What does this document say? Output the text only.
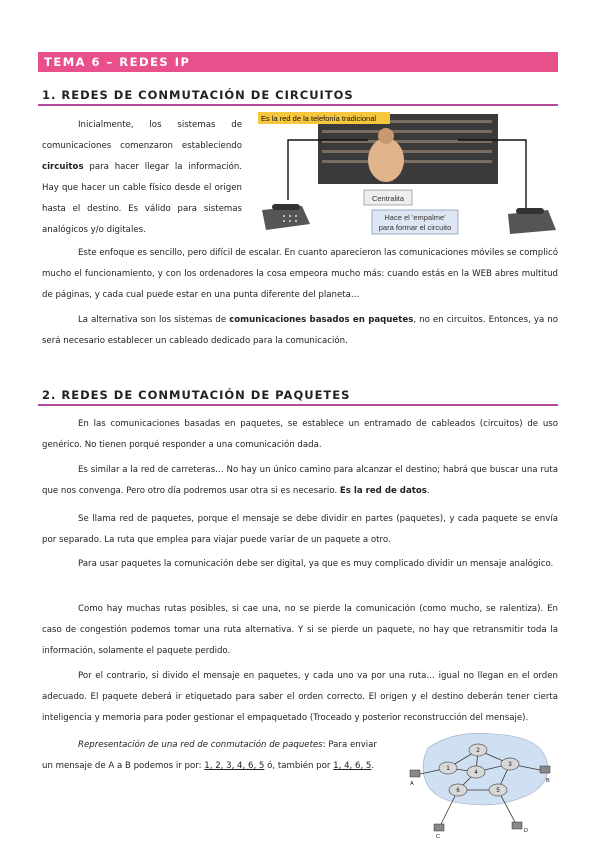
TEMA 6 – REDES IP
1. REDES DE CONMUTACIÓN DE CIRCUITOS
Inicialmente, los sistemas de comunicaciones comenzaron estableciendo circuitos para hacer llegar la información. Hay que hacer un cable físico desde el origen hasta el destino. Es válido para sistemas analógicos y/o digitales.
Es la red de la telefonía tradicional
Centralita
Hace el 'empalme'
para formar el circuito
Este enfoque es sencillo, pero difícil de escalar. En cuanto aparecieron las comunicaciones móviles se complicó mucho el funcionamiento, y con los ordenadores la cosa empeora mucho más: cuando estás en la WEB abres multitud de páginas, y cada cual puede estar en una punta diferente del planeta…
La alternativa son los sistemas de comunicaciones basados en paquetes, no en circuitos. Entonces, ya no será necesario establecer un cableado dedicado para la comunicación.
2. REDES DE CONMUTACIÓN DE PAQUETES
En las comunicaciones basadas en paquetes, se establece un entramado de cableados (circuitos) de uso genérico. No tienen porqué responder a una comunicación dada.
Es similar a la red de carreteras… No hay un único camino para alcanzar el destino; habrá que buscar una ruta que nos convenga. Pero otro día podremos usar otra si es necesario. Es la red de datos.
Se llama red de paquetes, porque el mensaje se debe dividir en partes (paquetes), y cada paquete se envía por separado. La ruta que emplea para viajar puede variar de un paquete a otro.
Para usar paquetes la comunicación debe ser digital, ya que es muy complicado dividir un mensaje analógico.
Como hay muchas rutas posibles, si cae una, no se pierde la comunicación (como mucho, se ralentiza). En caso de congestión podemos tomar una ruta alternativa. Y si se pierde un paquete, no hay que retransmitir toda la información, solamente el paquete perdido.
Por el contrario, si divido el mensaje en paquetes, y cada uno va por una ruta… igual no llegan en el orden adecuado. El paquete deberá ir etiquetado para saber el orden correcto. El origen y el destino deberán tener cierta inteligencia y memoria para poder gestionar el empaquetado (Troceado y posterior reconstrucción del mensaje).
Representación de una red de conmutación de paquetes: Para enviar
un mensaje de A a B podemos ir por: 1, 2, 3, 4, 6, 5 ó, también por 1, 4, 6, 5.	1
2
3
4
5
6
A	B
C
D
